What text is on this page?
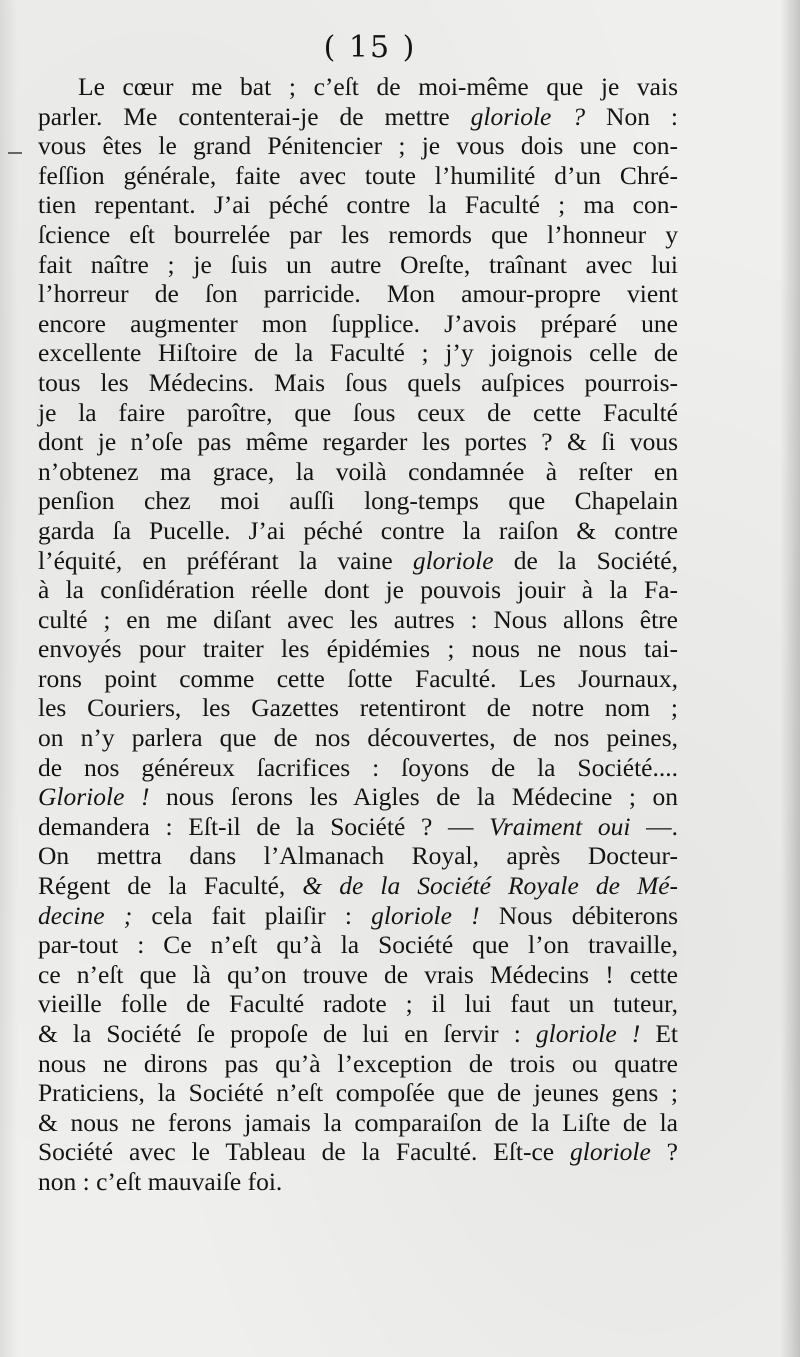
( 15 )
Le cœur me bat ; c’eſt de moi-même que je vais
parler. Me contenterai-je de mettre gloriole ? Non :
vous êtes le grand Pénitencier ; je vous dois une con-
feſſion générale, faite avec toute l’humilité d’un Chré-
tien repentant. J’ai péché contre la Faculté ; ma con-
ſcience eſt bourrelée par les remords que l’honneur y
fait naître ; je ſuis un autre Oreſte, traînant avec lui
l’horreur de ſon parricide. Mon amour-propre vient
encore augmenter mon ſupplice. J’avois préparé une
excellente Hiſtoire de la Faculté ; j’y joignois celle de
tous les Médecins. Mais ſous quels auſpices pourrois-
je la faire paroître, que ſous ceux de cette Faculté
dont je n’oſe pas même regarder les portes ? & ſi vous
n’obtenez ma grace, la voilà condamnée à reſter en
penſion chez moi auſſi long-temps que Chapelain
garda ſa Pucelle. J’ai péché contre la raiſon & contre
l’équité, en préférant la vaine gloriole de la Société,
à la conſidération réelle dont je pouvois jouir à la Fa-
culté ; en me diſant avec les autres : Nous allons être
envoyés pour traiter les épidémies ; nous ne nous tai-
rons point comme cette ſotte Faculté. Les Journaux,
les Couriers, les Gazettes retentiront de notre nom ;
on n’y parlera que de nos découvertes, de nos peines,
de nos généreux ſacrifices : ſoyons de la Société....
Gloriole ! nous ſerons les Aigles de la Médecine ; on
demandera : Eſt-il de la Société ? — Vraiment oui —.
On mettra dans l’Almanach Royal, après Docteur-
Régent de la Faculté, & de la Société Royale de Mé-
decine ; cela fait plaiſir : gloriole ! Nous débiterons
par-tout : Ce n’eſt qu’à la Société que l’on travaille,
ce n’eſt que là qu’on trouve de vrais Médecins ! cette
vieille folle de Faculté radote ; il lui faut un tuteur,
& la Société ſe propoſe de lui en ſervir : gloriole ! Et
nous ne dirons pas qu’à l’exception de trois ou quatre
Praticiens, la Société n’eſt compoſée que de jeunes gens ;
& nous ne ferons jamais la comparaiſon de la Liſte de la
Société avec le Tableau de la Faculté. Eſt-ce gloriole ?
non : c’eſt mauvaiſe foi.
